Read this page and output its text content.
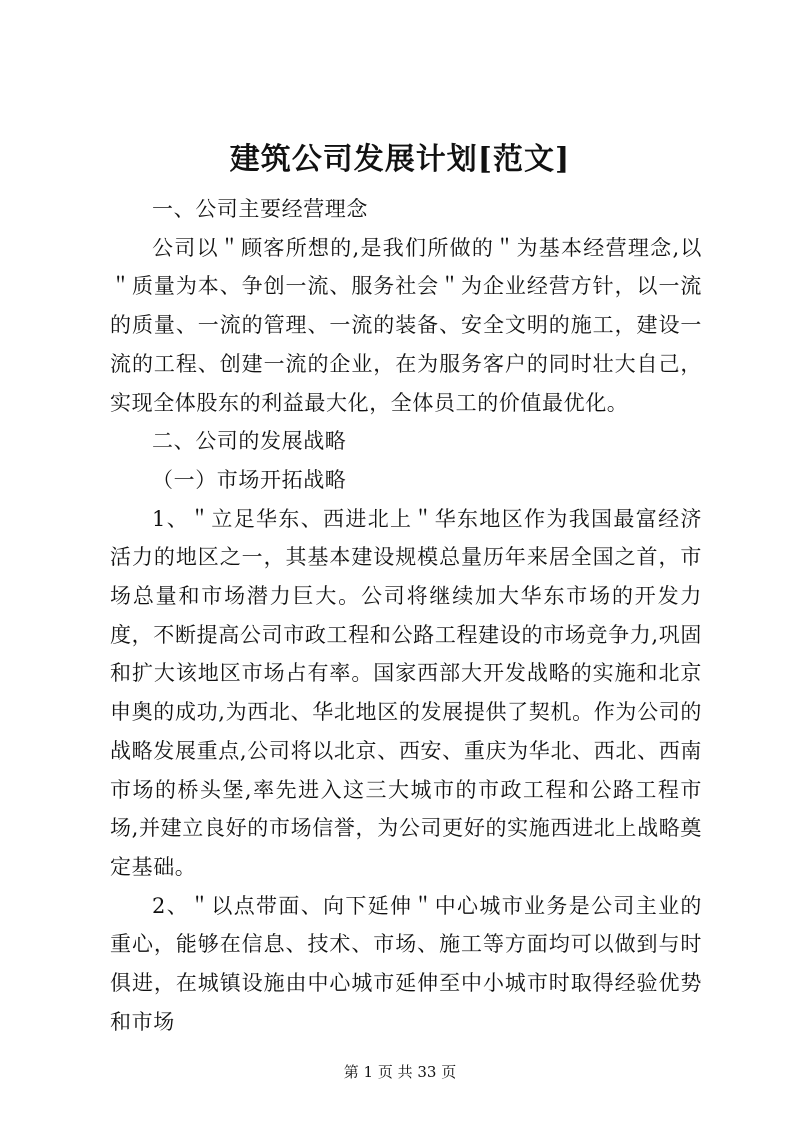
建筑公司发展计划[范文]

一、公司主要经营理念

公司以＂顾客所想的,是我们所做的＂为基本经营理念,以＂质量为本、争创一流、服务社会＂为企业经营方针，以一流的质量、一流的管理、一流的装备、安全文明的施工，建设一流的工程、创建一流的企业，在为服务客户的同时壮大自己，实现全体股东的利益最大化，全体员工的价值最优化。

二、公司的发展战略

（一）市场开拓战略

1、＂立足华东、西进北上＂华东地区作为我国最富经济活力的地区之一，其基本建设规模总量历年来居全国之首，市场总量和市场潜力巨大。公司将继续加大华东市场的开发力度，不断提高公司市政工程和公路工程建设的市场竞争力,巩固和扩大该地区市场占有率。国家西部大开发战略的实施和北京申奥的成功,为西北、华北地区的发展提供了契机。作为公司的战略发展重点,公司将以北京、西安、重庆为华北、西北、西南市场的桥头堡,率先进入这三大城市的市政工程和公路工程市场,并建立良好的市场信誉，为公司更好的实施西进北上战略奠定基础。

2、＂以点带面、向下延伸＂中心城市业务是公司主业的重心，能够在信息、技术、市场、施工等方面均可以做到与时俱进，在城镇设施由中心城市延伸至中小城市时取得经验优势和市场

第 1 页 共 33 页
